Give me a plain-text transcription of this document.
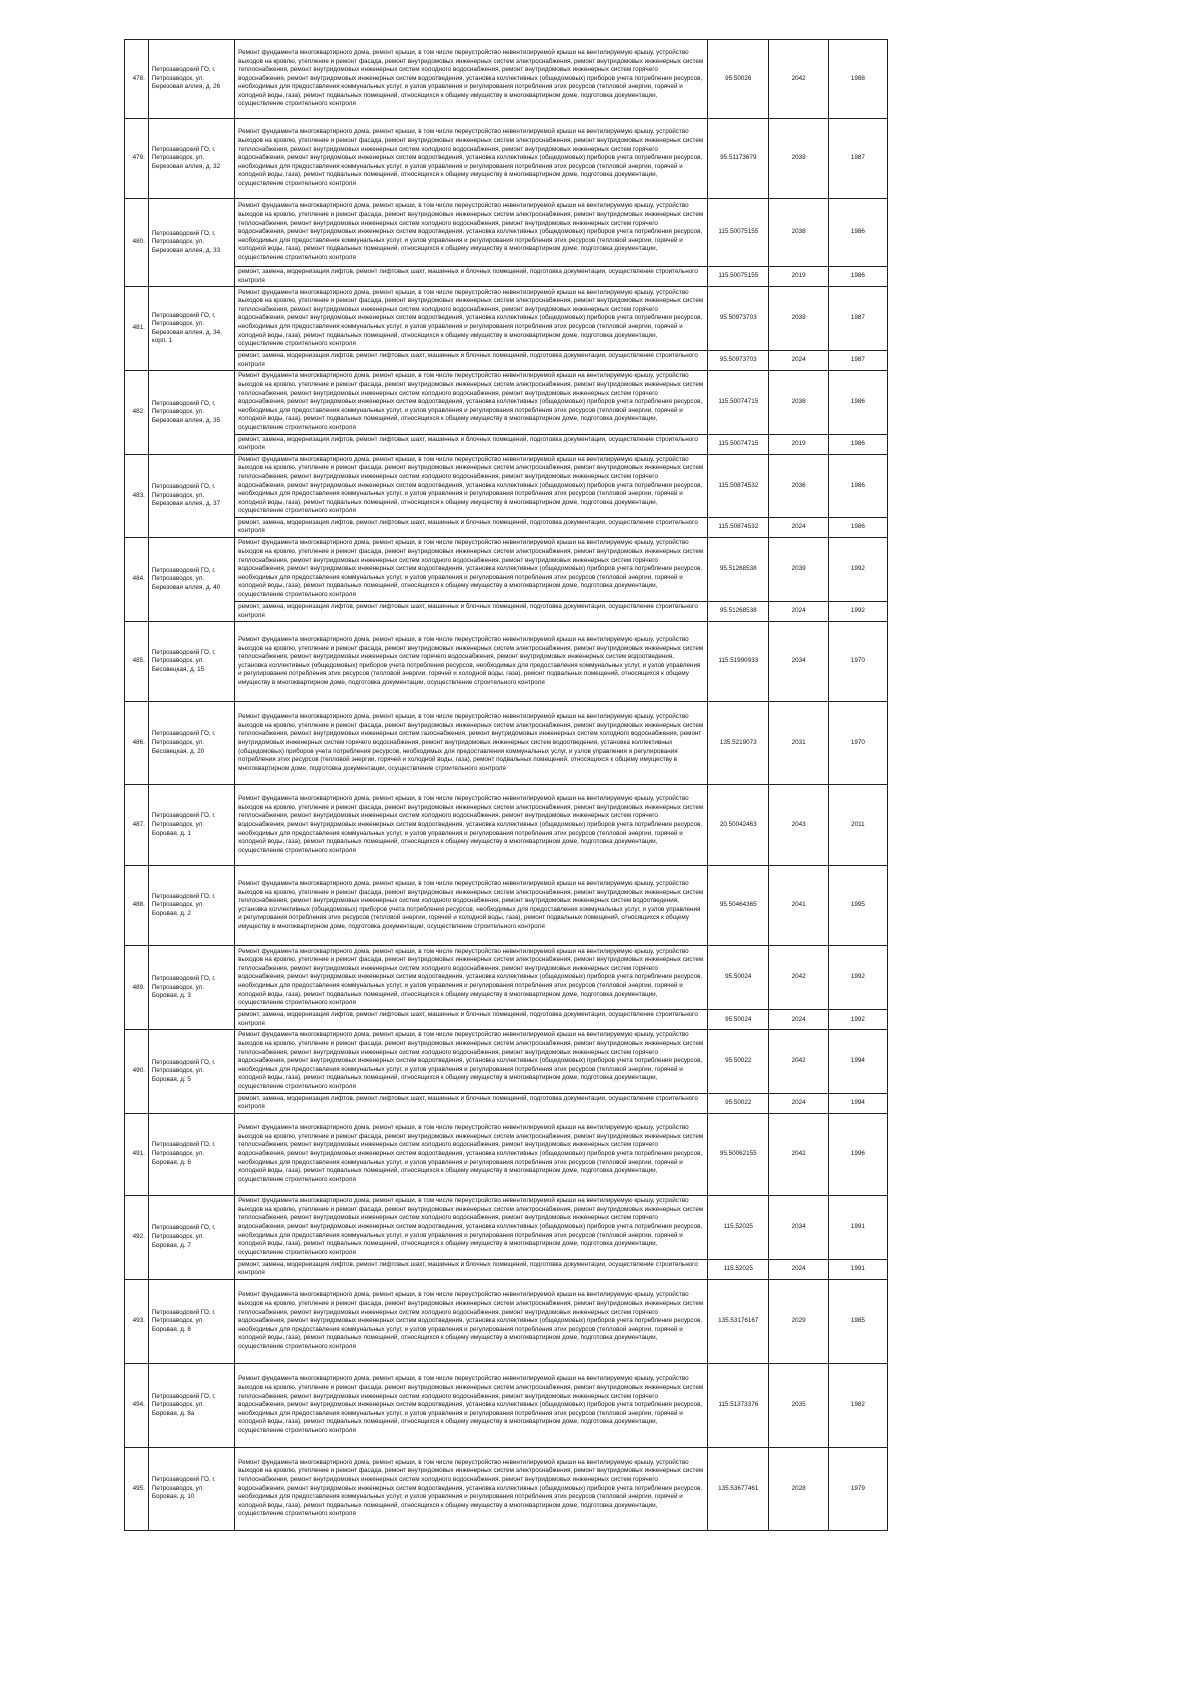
478.	Петрозаводский ГО, г. Петрозаводск, ул. Березовая аллея, д. 26	Ремонт фундамента многоквартирного дома, ремонт крыши, в том числе переустройство невентилируемой крыши на вентилируемую крышу, устройство выходов на кровлю, утепление и ремонт фасада, ремонт внутридомовых инженерных систем электроснабжения, ремонт внутридомовых инженерных систем теплоснабжения, ремонт внутридомовых инженерных систем холодного водоснабжения, ремонт внутридомовых инженерных систем горячего водоснабжения, ремонт внутридомовых инженерных систем водоотведения, установка коллективных (общедомовых) приборов учета потребления ресурсов, необходимых для предоставления коммунальных услуг, и узлов управления и регулирования потребления этих ресурсов (тепловой энергии, горячей и холодной воды, газа), ремонт подвальных помещений, относящихся к общему имуществу в многоквартирном доме, подготовка документации, осуществление строительного контроля	95.50026	2042	1988
479.	Петрозаводский ГО, г. Петрозаводск, ул. Березовая аллея, д. 32	Ремонт фундамента многоквартирного дома, ремонт крыши, в том числе переустройство невентилируемой крыши на вентилируемую крышу, устройство выходов на кровлю, утепление и ремонт фасада, ремонт внутридомовых инженерных систем электроснабжения, ремонт внутридомовых инженерных систем теплоснабжения, ремонт внутридомовых инженерных систем холодного водоснабжения, ремонт внутридомовых инженерных систем горячего водоснабжения, ремонт внутридомовых инженерных систем водоотведения, установка коллективных (общедомовых) приборов учета потребления ресурсов, необходимых для предоставления коммунальных услуг, и узлов управления и регулирования потребления этих ресурсов (тепловой энергии, горячей и холодной воды, газа), ремонт подвальных помещений, относящихся к общему имуществу в многоквартирном доме, подготовка документации, осуществление строительного контроля	95.51173679	2039	1987
480.	Петрозаводский ГО, г. Петрозаводск, ул. Березовая аллея, д. 33	Ремонт фундамента многоквартирного дома, ремонт крыши, в том числе переустройство невентилируемой крыши на вентилируемую крышу, устройство выходов на кровлю, утепление и ремонт фасада, ремонт внутридомовых инженерных систем электроснабжения, ремонт внутридомовых инженерных систем теплоснабжения, ремонт внутридомовых инженерных систем холодного водоснабжения, ремонт внутридомовых инженерных систем горячего водоснабжения, ремонт внутридомовых инженерных систем водоотведения, установка коллективных (общедомовых) приборов учета потребления ресурсов, необходимых для предоставления коммунальных услуг, и узлов управления и регулирования потребления этих ресурсов (тепловой энергии, горячей и холодной воды, газа), ремонт подвальных помещений, относящихся к общему имуществу в многоквартирном доме, подготовка документации, осуществление строительного контроля	115.50075155	2038	1986
		ремонт, замена, модернизация лифтов, ремонт лифтовых шахт, машинных и блочных помещений, подготовка документации, осуществление строительного контроля	115.50075155	2019	1986
481.	Петрозаводский ГО, г. Петрозаводск, ул. Березовая аллея, д. 34, корп. 1	Ремонт фундамента многоквартирного дома, ремонт крыши, в том числе переустройство невентилируемой крыши на вентилируемую крышу, устройство выходов на кровлю, утепление и ремонт фасада, ремонт внутридомовых инженерных систем электроснабжения, ремонт внутридомовых инженерных систем теплоснабжения, ремонт внутридомовых инженерных систем холодного водоснабжения, ремонт внутридомовых инженерных систем горячего водоснабжения, ремонт внутридомовых инженерных систем водоотведения, установка коллективных (общедомовых) приборов учета потребления ресурсов, необходимых для предоставления коммунальных услуг, и узлов управления и регулирования потребления этих ресурсов (тепловой энергии, горячей и холодной воды, газа), ремонт подвальных помещений, относящихся к общему имуществу в многоквартирном доме, подготовка документации, осуществление строительного контроля	95.50973703	2039	1987
		ремонт, замена, модернизация лифтов, ремонт лифтовых шахт, машинных и блочных помещений, подготовка документации, осуществление строительного контроля	95.50973703	2024	1987
482.	Петрозаводский ГО, г. Петрозаводск, ул. Березовая аллея, д. 35	Ремонт фундамента многоквартирного дома, ремонт крыши, в том числе переустройство невентилируемой крыши на вентилируемую крышу, устройство выходов на кровлю, утепление и ремонт фасада, ремонт внутридомовых инженерных систем электроснабжения, ремонт внутридомовых инженерных систем теплоснабжения, ремонт внутридомовых инженерных систем холодного водоснабжения, ремонт внутридомовых инженерных систем горячего водоснабжения, ремонт внутридомовых инженерных систем водоотведения, установка коллективных (общедомовых) приборов учета потребления ресурсов, необходимых для предоставления коммунальных услуг, и узлов управления и регулирования потребления этих ресурсов (тепловой энергии, горячей и холодной воды, газа), ремонт подвальных помещений, относящихся к общему имуществу в многоквартирном доме, подготовка документации, осуществление строительного контроля	115.50074715	2038	1986
		ремонт, замена, модернизация лифтов, ремонт лифтовых шахт, машинных и блочных помещений, подготовка документации, осуществление строительного контроля	115.50074715	2019	1986
483.	Петрозаводский ГО, г. Петрозаводск, ул. Березовая аллея, д. 37	Ремонт фундамента многоквартирного дома, ремонт крыши, в том числе переустройство невентилируемой крыши на вентилируемую крышу, устройство выходов на кровлю, утепление и ремонт фасада, ремонт внутридомовых инженерных систем электроснабжения, ремонт внутридомовых инженерных систем теплоснабжения, ремонт внутридомовых инженерных систем холодного водоснабжения, ремонт внутридомовых инженерных систем горячего водоснабжения, ремонт внутридомовых инженерных систем водоотведения, установка коллективных (общедомовых) приборов учета потребления ресурсов, необходимых для предоставления коммунальных услуг, и узлов управления и регулирования потребления этих ресурсов (тепловой энергии, горячей и холодной воды, газа), ремонт подвальных помещений, относящихся к общему имуществу в многоквартирном доме, подготовка документации, осуществление строительного контроля	115.50874532	2036	1986
		ремонт, замена, модернизация лифтов, ремонт лифтовых шахт, машинных и блочных помещений, подготовка документации, осуществление строительного контроля	115.50874532	2024	1986
484.	Петрозаводский ГО, г. Петрозаводск, ул. Березовая аллея, д. 40	Ремонт фундамента многоквартирного дома, ремонт крыши, в том числе переустройство невентилируемой крыши на вентилируемую крышу, устройство выходов на кровлю, утепление и ремонт фасада, ремонт внутридомовых инженерных систем электроснабжения, ремонт внутридомовых инженерных систем теплоснабжения, ремонт внутридомовых инженерных систем холодного водоснабжения, ремонт внутридомовых инженерных систем горячего водоснабжения, ремонт внутридомовых инженерных систем водоотведения, установка коллективных (общедомовых) приборов учета потребления ресурсов, необходимых для предоставления коммунальных услуг, и узлов управления и регулирования потребления этих ресурсов (тепловой энергии, горячей и холодной воды, газа), ремонт подвальных помещений, относящихся к общему имуществу в многоквартирном доме, подготовка документации, осуществление строительного контроля	95.51268538	2039	1992
		ремонт, замена, модернизация лифтов, ремонт лифтовых шахт, машинных и блочных помещений, подготовка документации, осуществление строительного контроля	95.51268538	2024	1992
485.	Петрозаводский ГО, г. Петрозаводск, ул. Бесовецкая, д. 15	Ремонт фундамента многоквартирного дома, ремонт крыши, в том числе переустройство невентилируемой крыши на вентилируемую крышу, устройство выходов на кровлю, утепление и ремонт фасада, ремонт внутридомовых инженерных систем электроснабжения, ремонт внутридомовых инженерных систем теплоснабжения, ремонт внутридомовых инженерных систем горячего водоснабжения, ремонт внутридомовых инженерных систем водоотведения, установка коллективных (общедомовых) приборов учета потребления ресурсов, необходимых для предоставления коммунальных услуг, и узлов управления и регулирования потребления этих ресурсов (тепловой энергии, горячей и холодной воды, газа), ремонт подвальных помещений, относящихся к общему имуществу в многоквартирном доме, подготовка документации, осуществление строительного контроля	115.51990933	2034	1970
486.	Петрозаводский ГО, г. Петрозаводск, ул. Бесовецкая, д. 20	Ремонт фундамента многоквартирного дома, ремонт крыши, в том числе переустройство невентилируемой крыши на вентилируемую крышу, устройство выходов на кровлю, утепление и ремонт фасада, ремонт внутридомовых инженерных систем электроснабжения, ремонт внутридомовых инженерных систем теплоснабжения, ремонт внутридомовых инженерных систем газоснабжения, ремонт внутридомовых инженерных систем холодного водоснабжения, ремонт внутридомовых инженерных систем горячего водоснабжения, ремонт внутридомовых инженерных систем водоотведения, установка коллективных (общедомовых) приборов учета потребления ресурсов, необходимых для предоставления коммунальных услуг, и узлов управления и регулирования потребления этих ресурсов (тепловой энергии, горячей и холодной воды, газа), ремонт подвальных помещений, относящихся к общему имуществу в многоквартирном доме, подготовка документации, осуществление строительного контроля	135.5219073	2031	1970
487.	Петрозаводский ГО, г. Петрозаводск, ул. Боровая, д. 1	Ремонт фундамента многоквартирного дома, ремонт крыши, в том числе переустройство невентилируемой крыши на вентилируемую крышу, устройство выходов на кровлю, утепление и ремонт фасада, ремонт внутридомовых инженерных систем электроснабжения, ремонт внутридомовых инженерных систем теплоснабжения, ремонт внутридомовых инженерных систем холодного водоснабжения, ремонт внутридомовых инженерных систем горячего водоснабжения, ремонт внутридомовых инженерных систем водоотведения, установка коллективных (общедомовых) приборов учета потребления ресурсов, необходимых для предоставления коммунальных услуг, и узлов управления и регулирования потребления этих ресурсов (тепловой энергии, горячей и холодной воды, газа), ремонт подвальных помещений, относящихся к общему имуществу в многоквартирном доме, подготовка документации, осуществление строительного контроля	20.50042463	2043	2011
488.	Петрозаводский ГО, г. Петрозаводск, ул. Боровая, д. 2	Ремонт фундамента многоквартирного дома, ремонт крыши, в том числе переустройство невентилируемой крыши на вентилируемую крышу, устройство выходов на кровлю, утепление и ремонт фасада, ремонт внутридомовых инженерных систем электроснабжения, ремонт внутридомовых инженерных систем теплоснабжения, ремонт внутридомовых инженерных систем холодного водоснабжения, ремонт внутридомовых инженерных систем водоотведения, установка коллективных (общедомовых) приборов учета потребления ресурсов, необходимых для предоставления коммунальных услуг, и узлов управления и регулирования потребления этих ресурсов (тепловой энергии, горячей и холодной воды, газа), ремонт подвальных помещений, относящихся к общему имуществу в многоквартирном доме, подготовка документации, осуществление строительного контроля	95.50464365	2041	1995
489.	Петрозаводский ГО, г. Петрозаводск, ул. Боровая, д. 3	Ремонт фундамента многоквартирного дома, ремонт крыши, в том числе переустройство невентилируемой крыши на вентилируемую крышу, устройство выходов на кровлю, утепление и ремонт фасада, ремонт внутридомовых инженерных систем электроснабжения, ремонт внутридомовых инженерных систем теплоснабжения, ремонт внутридомовых инженерных систем холодного водоснабжения, ремонт внутридомовых инженерных систем горячего водоснабжения, ремонт внутридомовых инженерных систем водоотведения, установка коллективных (общедомовых) приборов учета потребления ресурсов, необходимых для предоставления коммунальных услуг, и узлов управления и регулирования потребления этих ресурсов (тепловой энергии, горячей и холодной воды, газа), ремонт подвальных помещений, относящихся к общему имуществу в многоквартирном доме, подготовка документации, осуществление строительного контроля	95.50024	2042	1992
		ремонт, замена, модернизация лифтов, ремонт лифтовых шахт, машинных и блочных помещений, подготовка документации, осуществление строительного контроля	95.50024	2024	1992
490.	Петрозаводский ГО, г. Петрозаводск, ул. Боровая, д. 5	Ремонт фундамента многоквартирного дома, ремонт крыши, в том числе переустройство невентилируемой крыши на вентилируемую крышу, устройство выходов на кровлю, утепление и ремонт фасада, ремонт внутридомовых инженерных систем электроснабжения, ремонт внутридомовых инженерных систем теплоснабжения, ремонт внутридомовых инженерных систем холодного водоснабжения, ремонт внутридомовых инженерных систем горячего водоснабжения, ремонт внутридомовых инженерных систем водоотведения, установка коллективных (общедомовых) приборов учета потребления ресурсов, необходимых для предоставления коммунальных услуг, и узлов управления и регулирования потребления этих ресурсов (тепловой энергии, горячей и холодной воды, газа), ремонт подвальных помещений, относящихся к общему имуществу в многоквартирном доме, подготовка документации, осуществление строительного контроля	95.50022	2042	1994
		ремонт, замена, модернизация лифтов, ремонт лифтовых шахт, машинных и блочных помещений, подготовка документации, осуществление строительного контроля	95.50022	2024	1994
491.	Петрозаводский ГО, г. Петрозаводск, ул. Боровая, д. 6	Ремонт фундамента многоквартирного дома, ремонт крыши, в том числе переустройство невентилируемой крыши на вентилируемую крышу, устройство выходов на кровлю, утепление и ремонт фасада, ремонт внутридомовых инженерных систем электроснабжения, ремонт внутридомовых инженерных систем теплоснабжения, ремонт внутридомовых инженерных систем холодного водоснабжения, ремонт внутридомовых инженерных систем горячего водоснабжения, ремонт внутридомовых инженерных систем водоотведения, установка коллективных (общедомовых) приборов учета потребления ресурсов, необходимых для предоставления коммунальных услуг, и узлов управления и регулирования потребления этих ресурсов (тепловой энергии, горячей и холодной воды, газа), ремонт подвальных помещений, относящихся к общему имуществу в многоквартирном доме, подготовка документации, осуществление строительного контроля	95.50062155	2042	1996
492.	Петрозаводский ГО, г. Петрозаводск, ул. Боровая, д. 7	Ремонт фундамента многоквартирного дома, ремонт крыши, в том числе переустройство невентилируемой крыши на вентилируемую крышу, устройство выходов на кровлю, утепление и ремонт фасада, ремонт внутридомовых инженерных систем электроснабжения, ремонт внутридомовых инженерных систем теплоснабжения, ремонт внутридомовых инженерных систем холодного водоснабжения, ремонт внутридомовых инженерных систем горячего водоснабжения, ремонт внутридомовых инженерных систем водоотведения, установка коллективных (общедомовых) приборов учета потребления ресурсов, необходимых для предоставления коммунальных услуг, и узлов управления и регулирования потребления этих ресурсов (тепловой энергии, горячей и холодной воды, газа), ремонт подвальных помещений, относящихся к общему имуществу в многоквартирном доме, подготовка документации, осуществление строительного контроля	115.52025	2034	1991
		ремонт, замена, модернизация лифтов, ремонт лифтовых шахт, машинных и блочных помещений, подготовка документации, осуществление строительного контроля	115.52025	2024	1991
493.	Петрозаводский ГО, г. Петрозаводск, ул. Боровая, д. 8	Ремонт фундамента многоквартирного дома, ремонт крыши, в том числе переустройство невентилируемой крыши на вентилируемую крышу, устройство выходов на кровлю, утепление и ремонт фасада, ремонт внутридомовых инженерных систем электроснабжения, ремонт внутридомовых инженерных систем теплоснабжения, ремонт внутридомовых инженерных систем холодного водоснабжения, ремонт внутридомовых инженерных систем горячего водоснабжения, ремонт внутридомовых инженерных систем водоотведения, установка коллективных (общедомовых) приборов учета потребления ресурсов, необходимых для предоставления коммунальных услуг, и узлов управления и регулирования потребления этих ресурсов (тепловой энергии, горячей и холодной воды, газа), ремонт подвальных помещений, относящихся к общему имуществу в многоквартирном доме, подготовка документации, осуществление строительного контроля	135.53176167	2029	1985
494.	Петрозаводский ГО, г. Петрозаводск, ул. Боровая, д. 8а	Ремонт фундамента многоквартирного дома, ремонт крыши, в том числе переустройство невентилируемой крыши на вентилируемую крышу, устройство выходов на кровлю, утепление и ремонт фасада, ремонт внутридомовых инженерных систем электроснабжения, ремонт внутридомовых инженерных систем теплоснабжения, ремонт внутридомовых инженерных систем холодного водоснабжения, ремонт внутридомовых инженерных систем горячего водоснабжения, ремонт внутридомовых инженерных систем водоотведения, установка коллективных (общедомовых) приборов учета потребления ресурсов, необходимых для предоставления коммунальных услуг, и узлов управления и регулирования потребления этих ресурсов (тепловой энергии, горячей и холодной воды, газа), ремонт подвальных помещений, относящихся к общему имуществу в многоквартирном доме, подготовка документации, осуществление строительного контроля	115.51373376	2035	1982
495.	Петрозаводский ГО, г. Петрозаводск, ул. Боровая, д. 10	Ремонт фундамента многоквартирного дома, ремонт крыши, в том числе переустройство невентилируемой крыши на вентилируемую крышу, устройство выходов на кровлю, утепление и ремонт фасада, ремонт внутридомовых инженерных систем электроснабжения, ремонт внутридомовых инженерных систем теплоснабжения, ремонт внутридомовых инженерных систем холодного водоснабжения, ремонт внутридомовых инженерных систем горячего водоснабжения, ремонт внутридомовых инженерных систем водоотведения, установка коллективных (общедомовых) приборов учета потребления ресурсов, необходимых для предоставления коммунальных услуг, и узлов управления и регулирования потребления этих ресурсов (тепловой энергии, горячей и холодной воды, газа), ремонт подвальных помещений, относящихся к общему имуществу в многоквартирном доме, подготовка документации, осуществление строительного контроля	135.53677461	2028	1979
